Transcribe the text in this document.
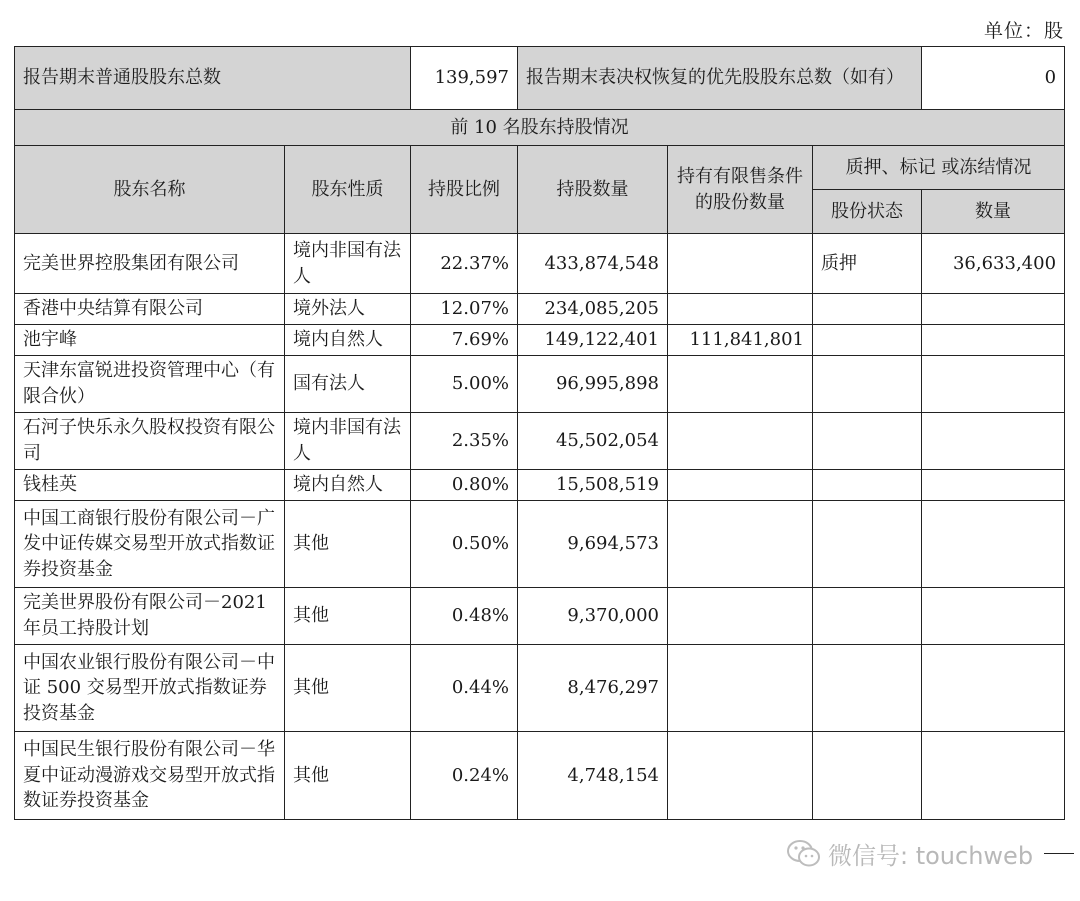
单位：股
报告期末普通股股东总数		139,597	报告期末表决权恢复的优先股股东总数（如有）			0
前 10 名股东持股情况						
股东名称	股东性质	持股比例	持股数量	持有有限售条件的股份数量	质押、标记 或冻结情况	
					股份状态	数量
完美世界控股集团有限公司	境内非国有法人	22.37%	433,874,548		质押	36,633,400
香港中央结算有限公司	境外法人	12.07%	234,085,205			
池宇峰	境内自然人	7.69%	149,122,401	111,841,801		
天津东富锐进投资管理中心（有限合伙）	国有法人	5.00%	96,995,898			
石河子快乐永久股权投资有限公司	境内非国有法人	2.35%	45,502,054			
钱桂英	境内自然人	0.80%	15,508,519			
中国工商银行股份有限公司－广发中证传媒交易型开放式指数证券投资基金	其他	0.50%	9,694,573			
完美世界股份有限公司－2021 年员工持股计划	其他	0.48%	9,370,000			
中国农业银行股份有限公司－中证 500 交易型开放式指数证券投资基金	其他	0.44%	8,476,297			
中国民生银行股份有限公司－华夏中证动漫游戏交易型开放式指数证券投资基金	其他	0.24%	4,748,154			
微信号: touchweb
